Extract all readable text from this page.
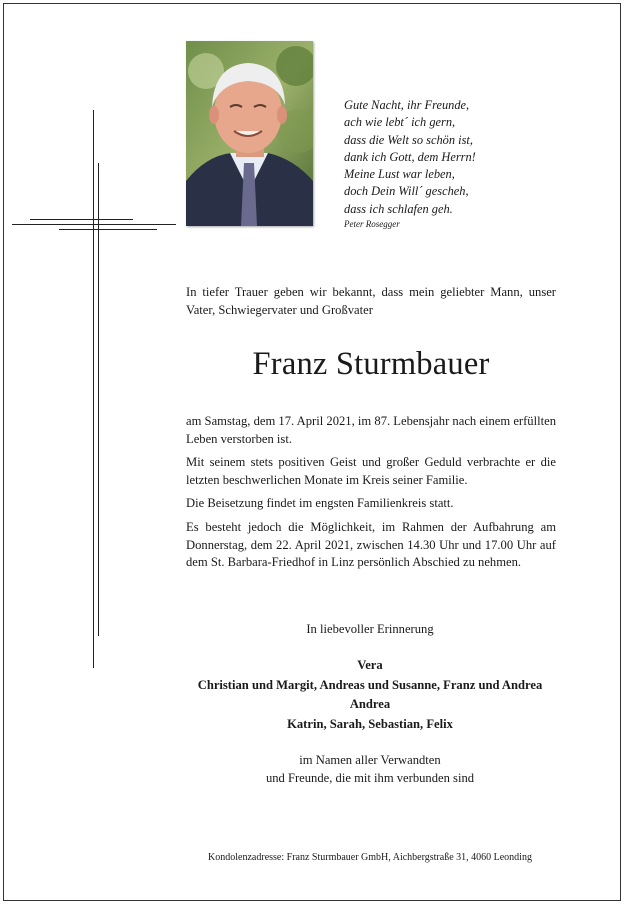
Gute Nacht, ihr Freunde,
ach wie lebt´ ich gern,
dass die Welt so schön ist,
dank ich Gott, dem Herrn!
Meine Lust war leben,
doch Dein Will´ gescheh,
dass ich schlafen geh.
Peter Rosegger
In tiefer Trauer geben wir bekannt, dass mein geliebter Mann, unser Vater, Schwiegervater und Großvater
Franz Sturmbauer
am Samstag, dem 17. April 2021, im 87. Lebensjahr nach einem erfüllten Leben verstorben ist.
Mit seinem stets positiven Geist und großer Geduld verbrachte er die letzten beschwerlichen Monate im Kreis seiner Familie.
Die Beisetzung findet im engsten Familienkreis statt.
Es besteht jedoch die Möglichkeit, im Rahmen der Aufbahrung am Donnerstag, dem 22. April 2021, zwischen 14.30 Uhr und 17.00 Uhr auf dem St. Barbara-Friedhof in Linz persönlich Abschied zu nehmen.
In liebevoller Erinnerung
Vera
Christian und Margit, Andreas und Susanne, Franz und Andrea
Andrea
Katrin, Sarah, Sebastian, Felix
im Namen aller Verwandten
und Freunde, die mit ihm verbunden sind
Kondolenzadresse: Franz Sturmbauer GmbH, Aichbergstraße 31, 4060 Leonding
